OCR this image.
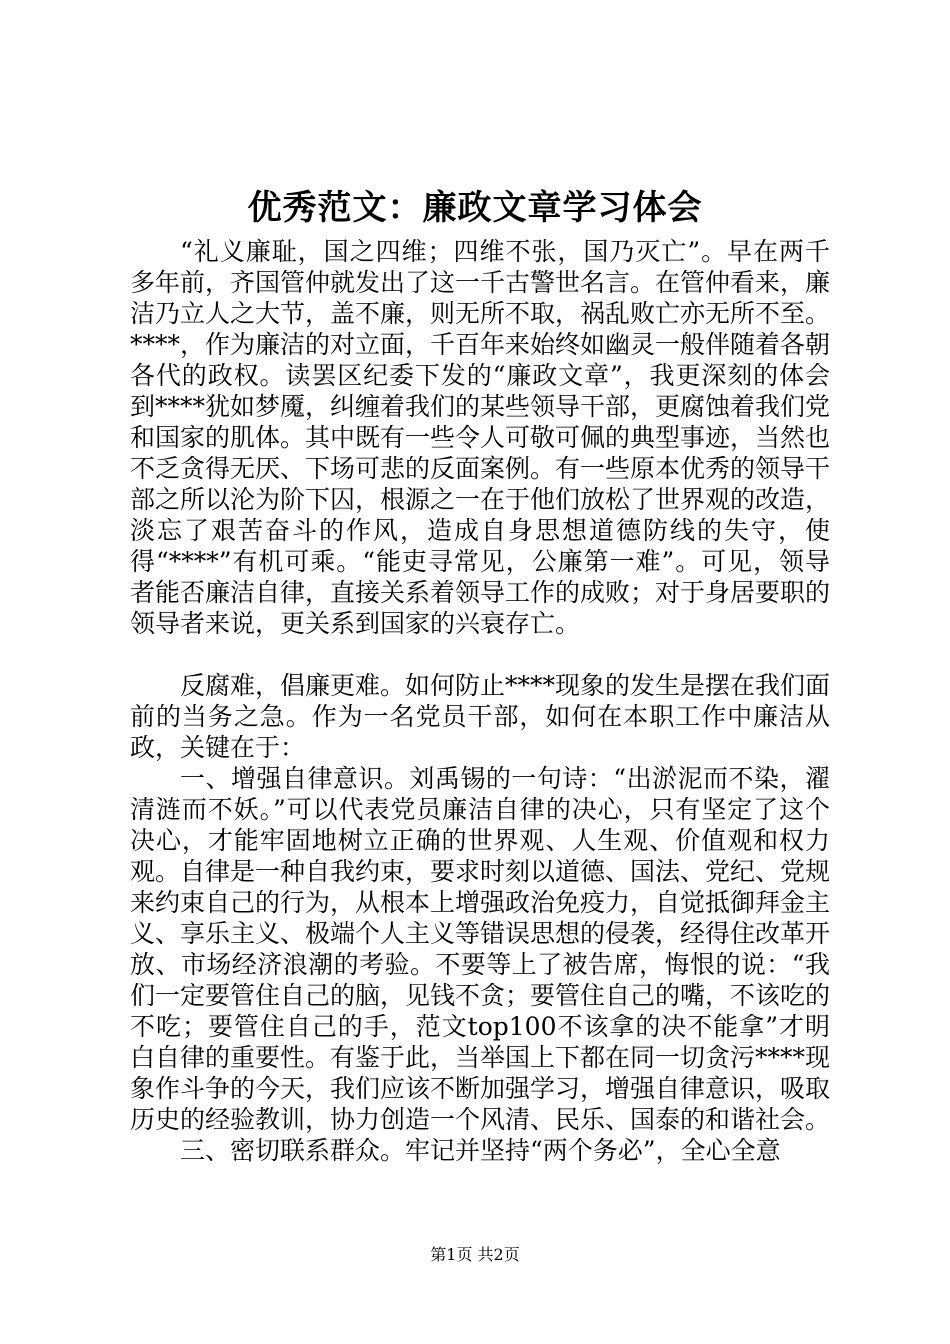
优秀范文：廉政文章学习体会

“礼义廉耻，国之四维；四维不张，国乃灭亡”。早在两千多年前，齐国管仲就发出了这一千古警世名言。在管仲看来，廉洁乃立人之大节，盖不廉，则无所不取，祸乱败亡亦无所不至。****，作为廉洁的对立面，千百年来始终如幽灵一般伴随着各朝各代的政权。读罢区纪委下发的“廉政文章”，我更深刻的体会到****犹如梦魇，纠缠着我们的某些领导干部，更腐蚀着我们党和国家的肌体。其中既有一些令人可敬可佩的典型事迹，当然也不乏贪得无厌、下场可悲的反面案例。有一些原本优秀的领导干部之所以沦为阶下囚，根源之一在于他们放松了世界观的改造，淡忘了艰苦奋斗的作风，造成自身思想道德防线的失守，使得“****”有机可乘。“能吏寻常见，公廉第一难”。可见，领导者能否廉洁自律，直接关系着领导工作的成败；对于身居要职的领导者来说，更关系到国家的兴衰存亡。

反腐难，倡廉更难。如何防止****现象的发生是摆在我们面前的当务之急。作为一名党员干部，如何在本职工作中廉洁从政，关键在于：

一、增强自律意识。刘禹锡的一句诗：“出淤泥而不染，濯清涟而不妖。”可以代表党员廉洁自律的决心，只有坚定了这个决心，才能牢固地树立正确的世界观、人生观、价值观和权力观。自律是一种自我约束，要求时刻以道德、国法、党纪、党规来约束自己的行为，从根本上增强政治免疫力，自觉抵御拜金主义、享乐主义、极端个人主义等错误思想的侵袭，经得住改革开放、市场经济浪潮的考验。不要等上了被告席，悔恨的说：“我们一定要管住自己的脑，见钱不贪；要管住自己的嘴，不该吃的不吃；要管住自己的手，范文top100不该拿的决不能拿”才明白自律的重要性。有鉴于此，当举国上下都在同一切贪污****现象作斗争的今天，我们应该不断加强学习，增强自律意识，吸取历史的经验教训，协力创造一个风清、民乐、国泰的和谐社会。

三、密切联系群众。牢记并坚持“两个务必”，全心全意

第1页 共2页
